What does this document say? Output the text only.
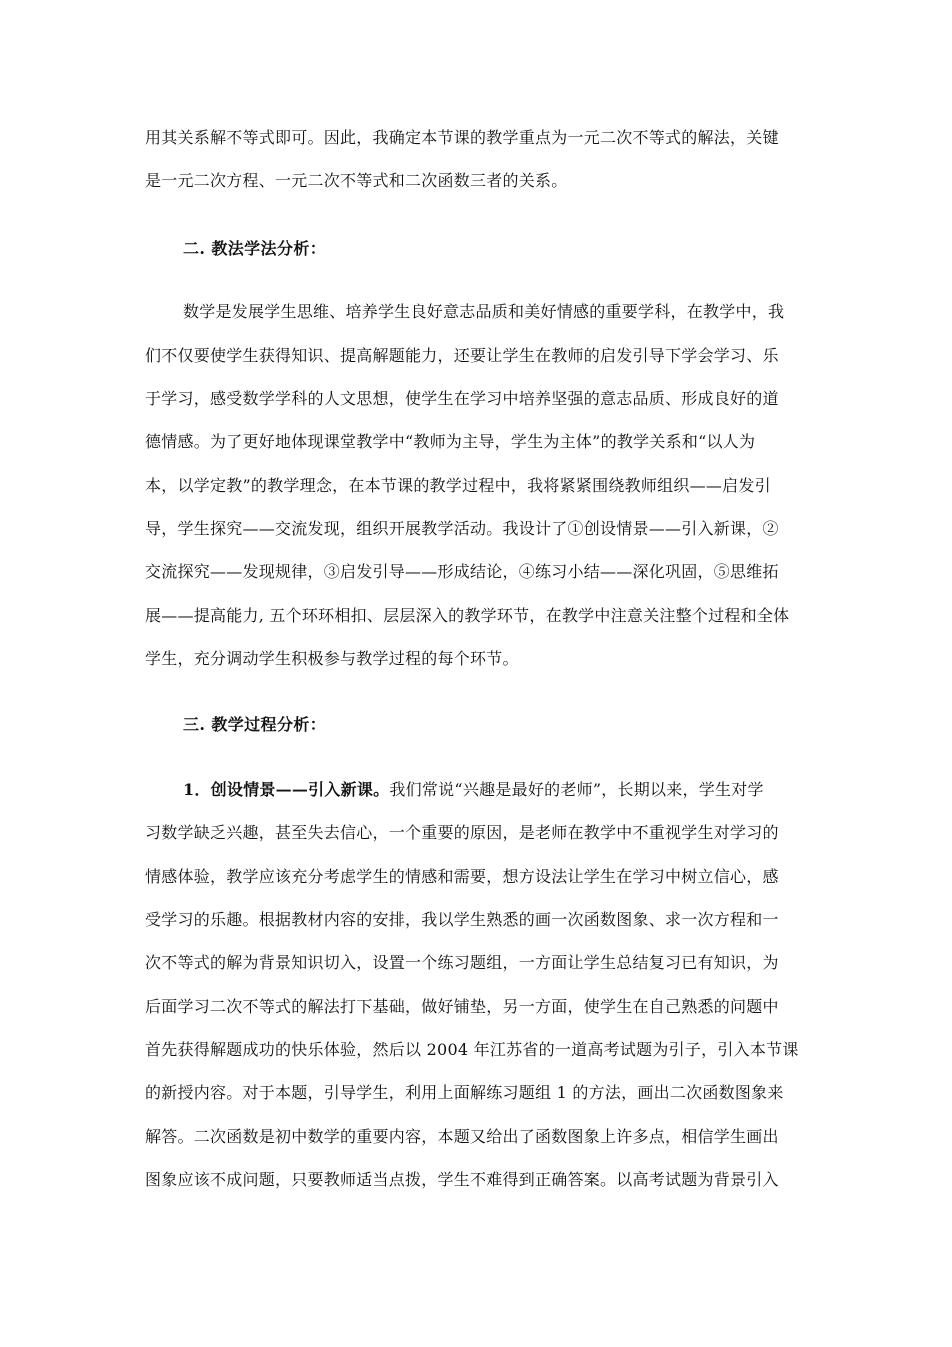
用其关系解不等式即可。因此，我确定本节课的教学重点为一元二次不等式的解法，关键
是一元二次方程、一元二次不等式和二次函数三者的关系。
二. 教法学法分析：
数学是发展学生思维、培养学生良好意志品质和美好情感的重要学科，在教学中，我
们不仅要使学生获得知识、提高解题能力，还要让学生在教师的启发引导下学会学习、乐
于学习，感受数学学科的人文思想，使学生在学习中培养坚强的意志品质、形成良好的道
德情感。为了更好地体现课堂教学中“教师为主导，学生为主体”的教学关系和“以人为
本，以学定教”的教学理念，在本节课的教学过程中，我将紧紧围绕教师组织——启发引
导，学生探究——交流发现，组织开展教学活动。我设计了①创设情景——引入新课，②
交流探究——发现规律，③启发引导——形成结论，④练习小结——深化巩固，⑤思维拓
展——提高能力, 五个环环相扣、层层深入的教学环节，在教学中注意关注整个过程和全体
学生，充分调动学生积极参与教学过程的每个环节。
三. 教学过程分析：
1．创设情景——引入新课。我们常说“兴趣是最好的老师”，长期以来，学生对学
习数学缺乏兴趣，甚至失去信心，一个重要的原因，是老师在教学中不重视学生对学习的
情感体验，教学应该充分考虑学生的情感和需要，想方设法让学生在学习中树立信心，感
受学习的乐趣。根据教材内容的安排，我以学生熟悉的画一次函数图象、求一次方程和一
次不等式的解为背景知识切入，设置一个练习题组，一方面让学生总结复习已有知识，为
后面学习二次不等式的解法打下基础，做好铺垫，另一方面，使学生在自己熟悉的问题中
首先获得解题成功的快乐体验，然后以 2004 年江苏省的一道高考试题为引子，引入本节课
的新授内容。对于本题，引导学生，利用上面解练习题组 1 的方法，画出二次函数图象来
解答。二次函数是初中数学的重要内容，本题又给出了函数图象上许多点，相信学生画出
图象应该不成问题，只要教师适当点拨，学生不难得到正确答案。以高考试题为背景引入
